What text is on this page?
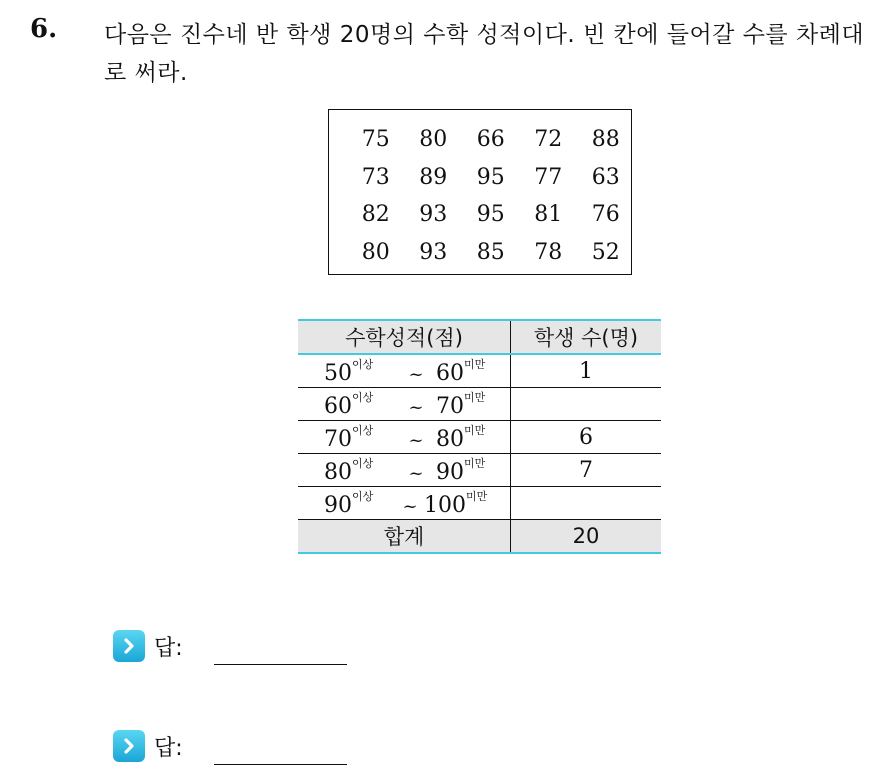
6. 다음은 진수네 반 학생 20명의 수학 성적이다. 빈 칸에 들어갈 수를 차례대로 써라.
75	80	66	72	88
73	89	95	77	63
82	93	95	81	76
80	93	85	78	52
수학성적(점)	학생 수(명)

$50^{이상}$ ~ $60^{미만}$	1

$60^{이상}$ ~ $70^{미만}$

$70^{이상}$ ~ $80^{미만}$	6

$80^{이상}$ ~ $90^{미만}$	7

$90^{이상}$ ~ $100^{미만}$

합계	20
답:
답:
